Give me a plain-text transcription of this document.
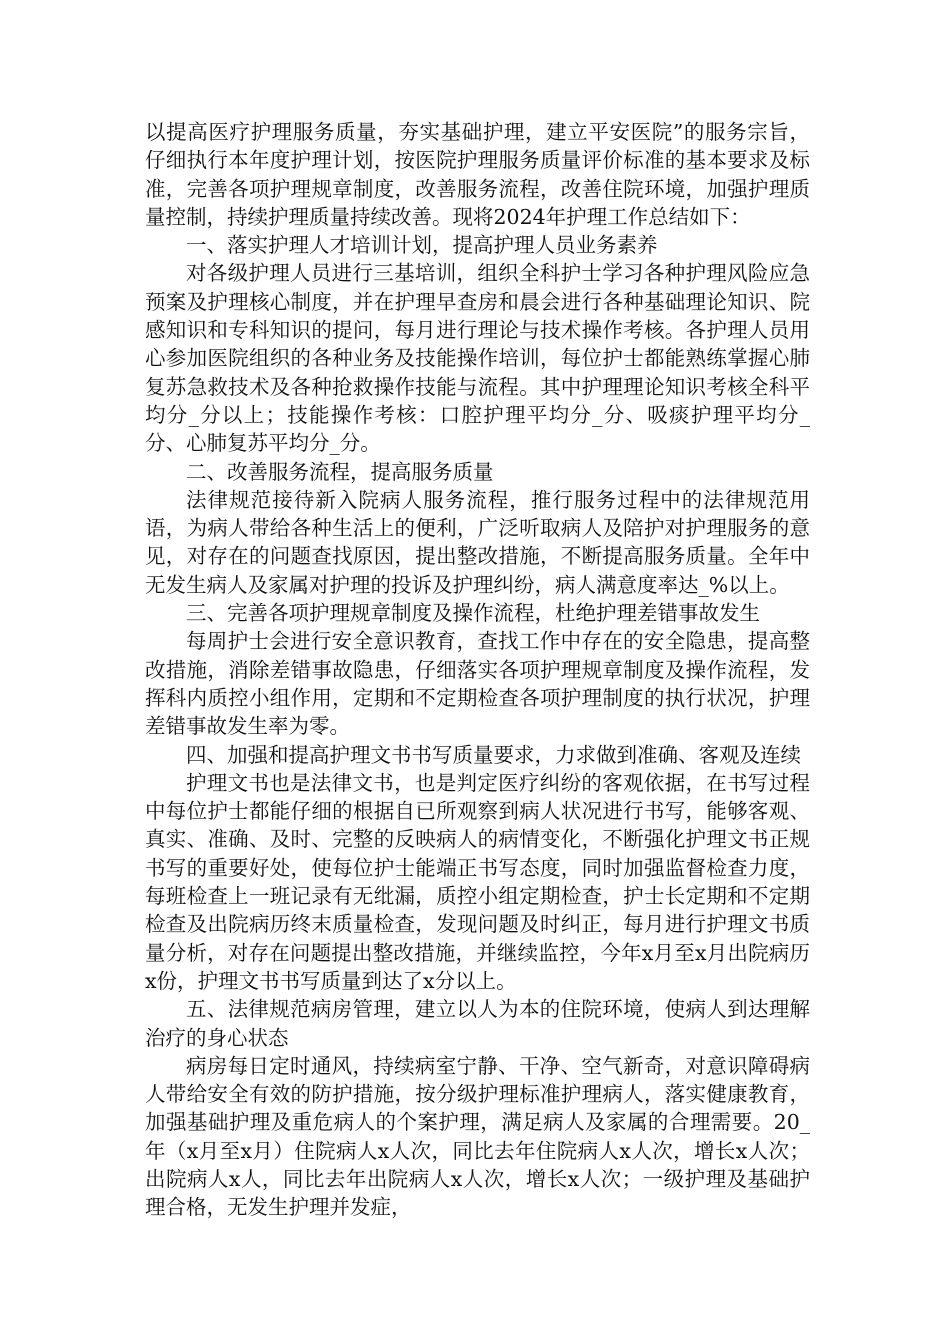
以提高医疗护理服务质量，夯实基础护理，建立平安医院”的服务宗旨，仔细执行本年度护理计划，按医院护理服务质量评价标准的基本要求及标准，完善各项护理规章制度，改善服务流程，改善住院环境，加强护理质量控制，持续护理质量持续改善。现将2024年护理工作总结如下：

一、落实护理人才培训计划，提高护理人员业务素养

对各级护理人员进行三基培训，组织全科护士学习各种护理风险应急预案及护理核心制度，并在护理早查房和晨会进行各种基础理论知识、院感知识和专科知识的提问，每月进行理论与技术操作考核。各护理人员用心参加医院组织的各种业务及技能操作培训，每位护士都能熟练掌握心肺复苏急救技术及各种抢救操作技能与流程。其中护理理论知识考核全科平均分_分以上；技能操作考核：口腔护理平均分_分、吸痰护理平均分_分、心肺复苏平均分_分。

二、改善服务流程，提高服务质量

法律规范接待新入院病人服务流程，推行服务过程中的法律规范用语，为病人带给各种生活上的便利，广泛听取病人及陪护对护理服务的意见，对存在的问题查找原因，提出整改措施，不断提高服务质量。全年中无发生病人及家属对护理的投诉及护理纠纷，病人满意度率达_%以上。

三、完善各项护理规章制度及操作流程，杜绝护理差错事故发生

每周护士会进行安全意识教育，查找工作中存在的安全隐患，提高整改措施，消除差错事故隐患，仔细落实各项护理规章制度及操作流程，发挥科内质控小组作用，定期和不定期检查各项护理制度的执行状况，护理差错事故发生率为零。

四、加强和提高护理文书书写质量要求，力求做到准确、客观及连续

护理文书也是法律文书，也是判定医疗纠纷的客观依据，在书写过程中每位护士都能仔细的根据自已所观察到病人状况进行书写，能够客观、真实、准确、及时、完整的反映病人的病情变化，不断强化护理文书正规书写的重要好处，使每位护士能端正书写态度，同时加强监督检查力度，每班检查上一班记录有无纰漏，质控小组定期检查，护士长定期和不定期检查及出院病历终末质量检查，发现问题及时纠正，每月进行护理文书质量分析，对存在问题提出整改措施，并继续监控，今年x月至x月出院病历x份，护理文书书写质量到达了x分以上。

五、法律规范病房管理，建立以人为本的住院环境，使病人到达理解治疗的身心状态

病房每日定时通风，持续病室宁静、干净、空气新奇，对意识障碍病人带给安全有效的防护措施，按分级护理标准护理病人，落实健康教育，加强基础护理及重危病人的个案护理，满足病人及家属的合理需要。20_年（x月至x月）住院病人x人次，同比去年住院病人x人次，增长x人次；出院病人x人，同比去年出院病人x人次，增长x人次；一级护理及基础护理合格，无发生护理并发症，
